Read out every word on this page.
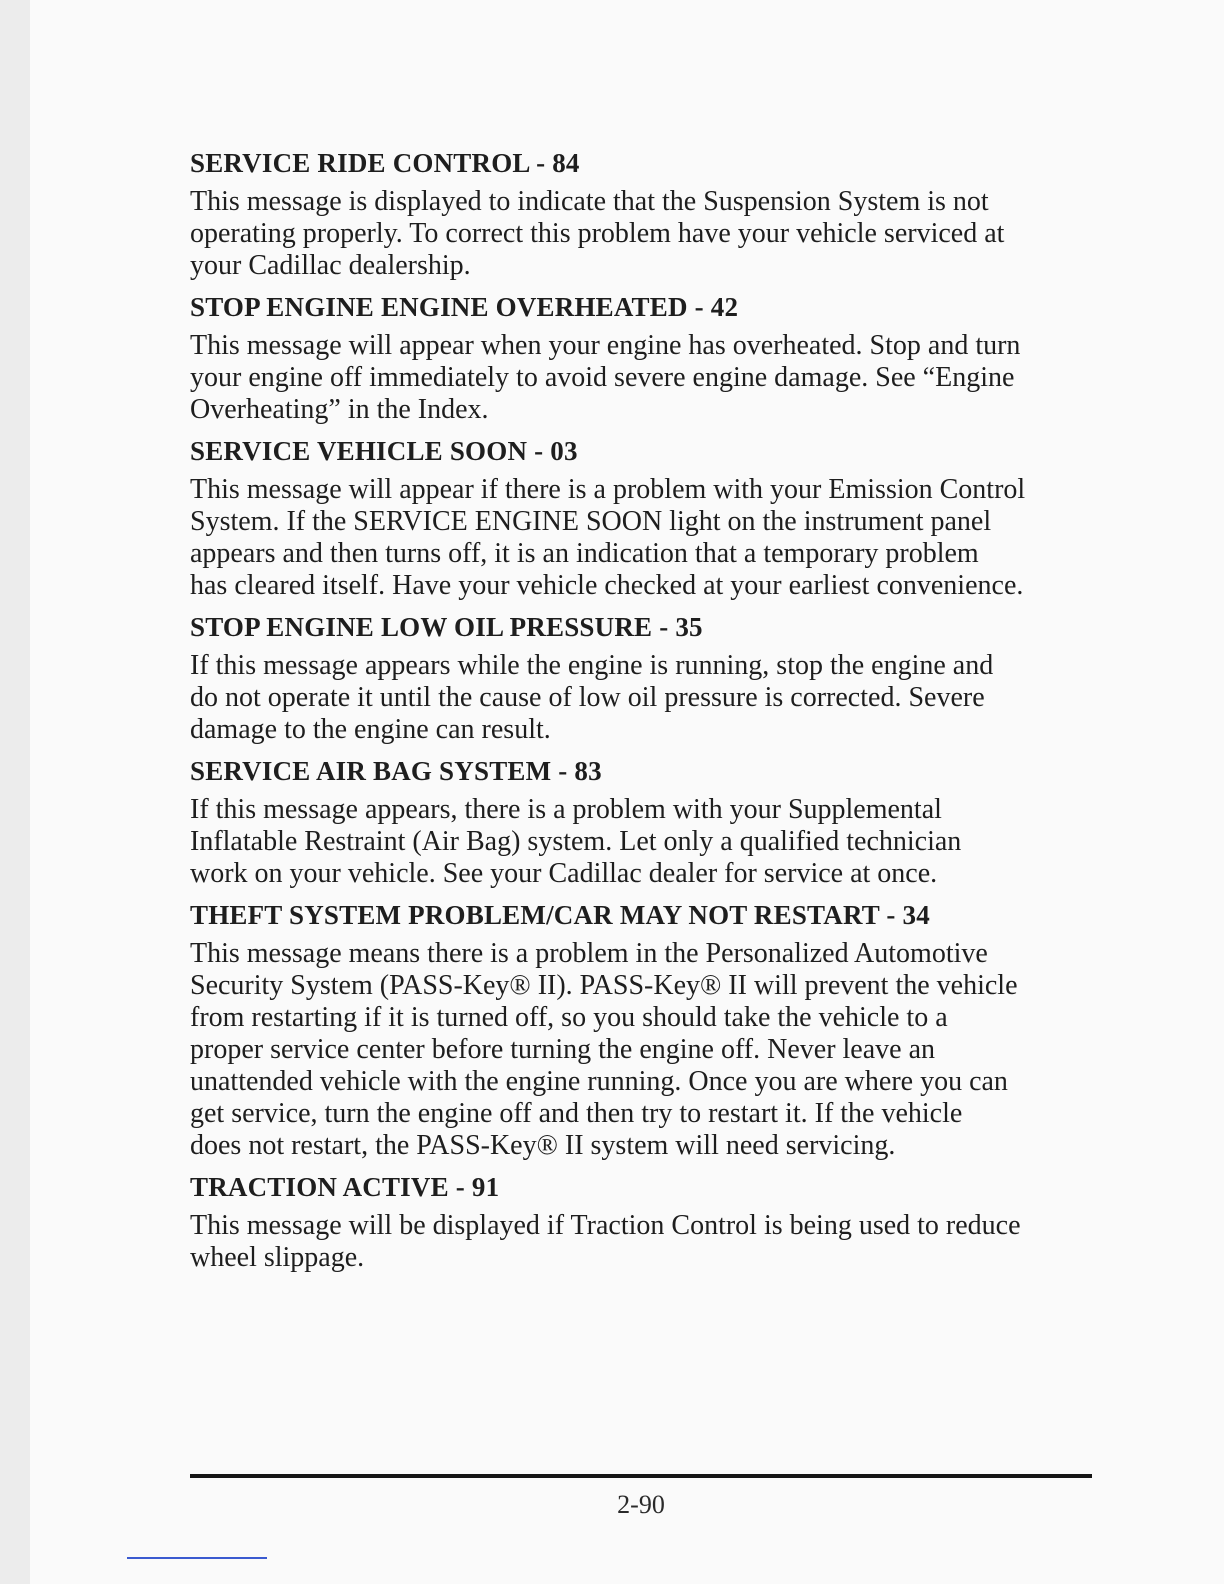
SERVICE RIDE CONTROL - 84
This message is displayed to indicate that the Suspension System is not
operating properly. To correct this problem have your vehicle serviced at
your Cadillac dealership.
STOP ENGINE ENGINE OVERHEATED - 42
This message will appear when your engine has overheated. Stop and turn
your engine off immediately to avoid severe engine damage. See “Engine
Overheating” in the Index.
SERVICE VEHICLE SOON - 03
This message will appear if there is a problem with your Emission Control
System. If the SERVICE ENGINE SOON light on the instrument panel
appears and then turns off, it is an indication that a temporary problem
has cleared itself. Have your vehicle checked at your earliest convenience.
STOP ENGINE LOW OIL PRESSURE - 35
If this message appears while the engine is running, stop the engine and
do not operate it until the cause of low oil pressure is corrected. Severe
damage to the engine can result.
SERVICE AIR BAG SYSTEM - 83
If this message appears, there is a problem with your Supplemental
Inflatable Restraint (Air Bag) system. Let only a qualified technician
work on your vehicle. See your Cadillac dealer for service at once.
THEFT SYSTEM PROBLEM/CAR MAY NOT RESTART - 34
This message means there is a problem in the Personalized Automotive
Security System (PASS-Key® II). PASS-Key® II will prevent the vehicle
from restarting if it is turned off, so you should take the vehicle to a
proper service center before turning the engine off. Never leave an
unattended vehicle with the engine running. Once you are where you can
get service, turn the engine off and then try to restart it. If the vehicle
does not restart, the PASS-Key® II system will need servicing.
TRACTION ACTIVE - 91
This message will be displayed if Traction Control is being used to reduce
wheel slippage.
2-90
